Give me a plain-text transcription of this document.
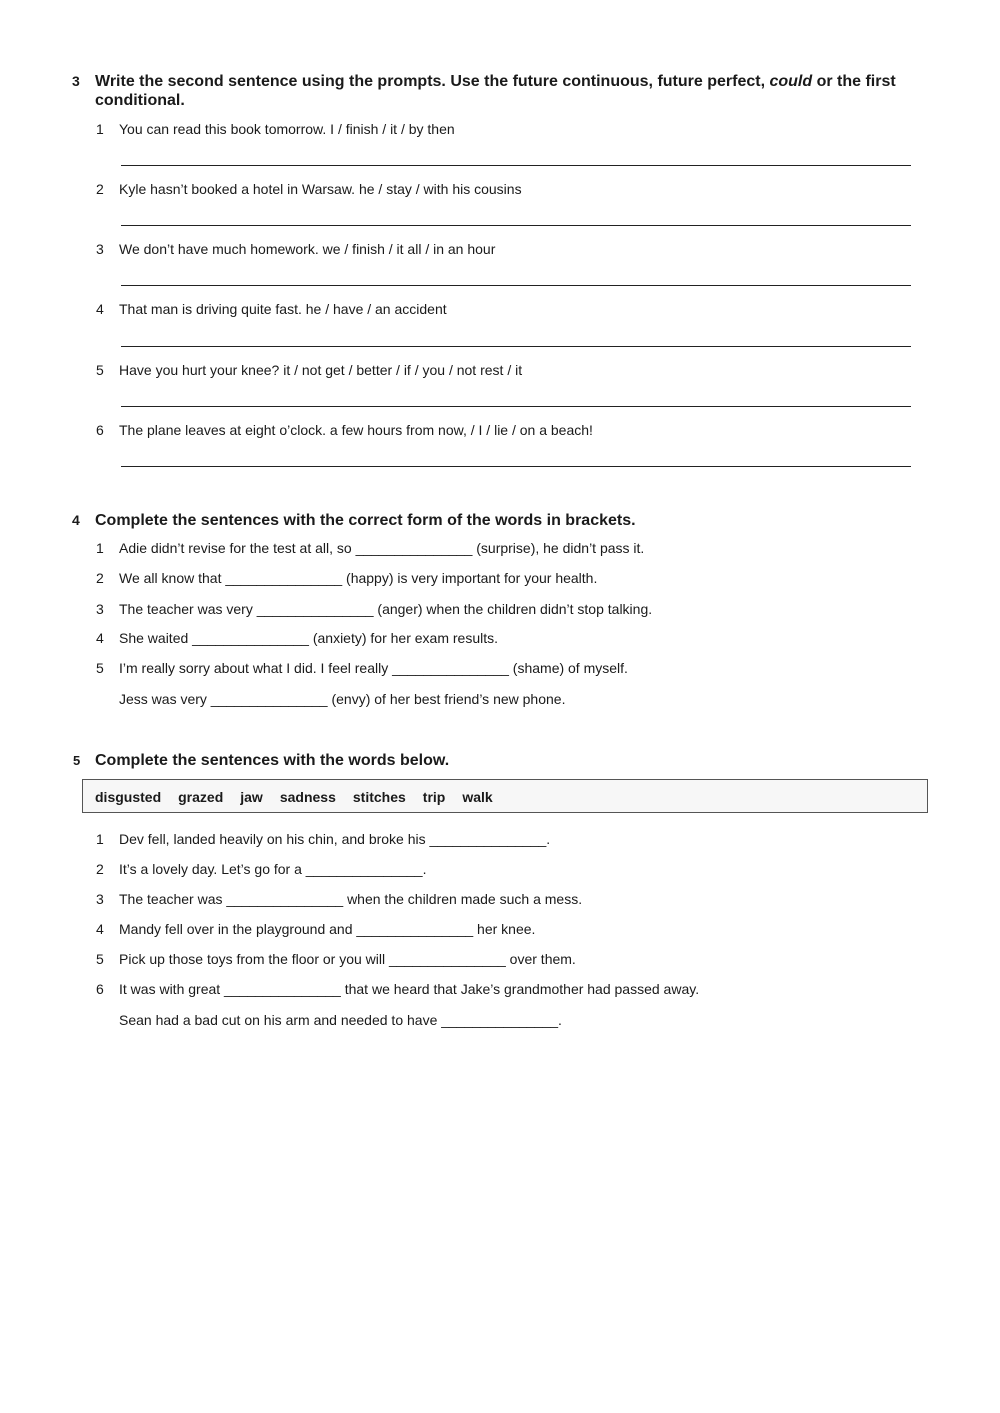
3 Write the second sentence using the prompts. Use the future continuous, future perfect, could or the first conditional.
1 You can read this book tomorrow. I / finish / it / by then
2 Kyle hasn’t booked a hotel in Warsaw. he / stay / with his cousins
3 We don’t have much homework. we / finish / it all / in an hour
4 That man is driving quite fast. he / have / an accident
5 Have you hurt your knee? it / not get / better / if / you / not rest / it
6 The plane leaves at eight o’clock. a few hours from now, / I / lie / on a beach!
4 Complete the sentences with the correct form of the words in brackets.
1 Adie didn’t revise for the test at all, so _______________ (surprise), he didn’t pass it.
2 We all know that _______________ (happy) is very important for your health.
3 The teacher was very _______________ (anger) when the children didn’t stop talking.
4 She waited _______________ (anxiety) for her exam results.
5 I’m really sorry about what I did. I feel really _______________ (shame) of myself.
Jess was very _______________ (envy) of her best friend’s new phone.
5 Complete the sentences with the words below.
disgusted grazed jaw sadness stitches trip walk
1 Dev fell, landed heavily on his chin, and broke his _______________.
2 It’s a lovely day. Let’s go for a _______________.
3 The teacher was _______________ when the children made such a mess.
4 Mandy fell over in the playground and _______________ her knee.
5 Pick up those toys from the floor or you will _______________ over them.
6 It was with great _______________ that we heard that Jake’s grandmother had passed away.
Sean had a bad cut on his arm and needed to have _______________.
